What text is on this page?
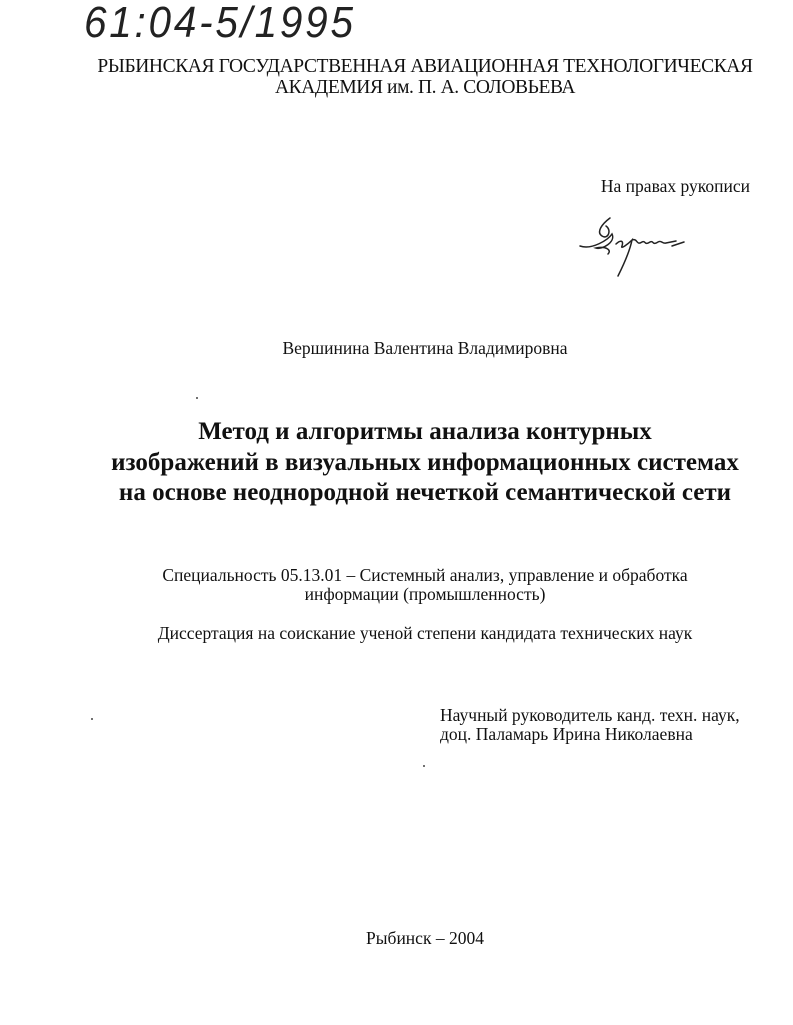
61:04-5/1995
РЫБИНСКАЯ ГОСУДАРСТВЕННАЯ АВИАЦИОННАЯ ТЕХНОЛОГИЧЕСКАЯ
АКАДЕМИЯ им. П. А. СОЛОВЬЕВА
На правах рукописи
Вершинина Валентина Владимировна
Метод и алгоритмы анализа контурных
изображений в визуальных информационных системах
на основе неоднородной нечеткой семантической сети
Специальность 05.13.01 – Системный анализ, управление и обработка
информации (промышленность)
Диссертация на соискание ученой степени кандидата технических наук
Научный руководитель канд. техн. наук,
доц. Паламарь Ирина Николаевна
Рыбинск – 2004
